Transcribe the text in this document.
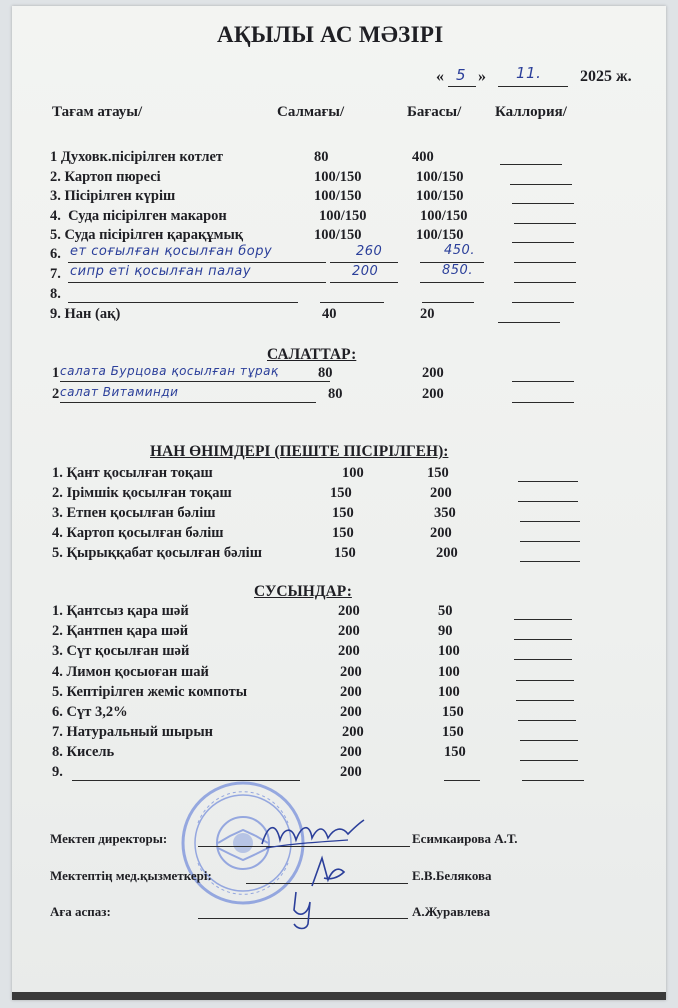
АҚЫЛЫ АС МӘЗІРІ
« 5 » 11. 2025 ж.
Тағам атауы/	Салмағы/	Бағасы/ Каллория/
1 Духовк.пісірілген котлет	80	400
2. Картоп пюресі	100/150	100/150
3. Пісірілген күріш	100/150	100/150
4. Суда пісірілген макарон	100/150	100/150
5. Суда пісірілген қарақұмық	100/150	100/150
6. ет соғылған қосылған бору	260	450.
7. сипр еті қосылған палау	200	850.
8.
9. Нан (ақ)	40	20
САЛАТТАР:
1 салата Бурцова қосылған тұрақ	80	200
2 салат Витаминди	80	200
НАН ӨНІМДЕРІ (ПЕШТЕ ПІСІРІЛГЕН):
1. Қант қосылған тоқаш	100	150
2. Ірімшік қосылған тоқаш	150	200
3. Етпен қосылған бәліш	150	350
4. Картоп қосылған бәліш	150	200
5. Қырыққабат қосылған бәліш	150	200
СУСЫНДАР:
1. Қантсыз қара шәй	200	50
2. Қантпен қара шәй	200	90
3. Сүт қосылған шәй	200	100
4. Лимон қосыоған шай	200	100
5. Кептірілген жеміс компоты	200	100
6. Сүт 3,2%	200	150
7. Натуральный шырын	200	150
8. Кисель	200	150
9.	200
Мектеп директоры:	Есимкаирова А.Т.
Мектептің мед.қызметкері:	Е.В.Белякова
Аға аспаз:	А.Журавлева
